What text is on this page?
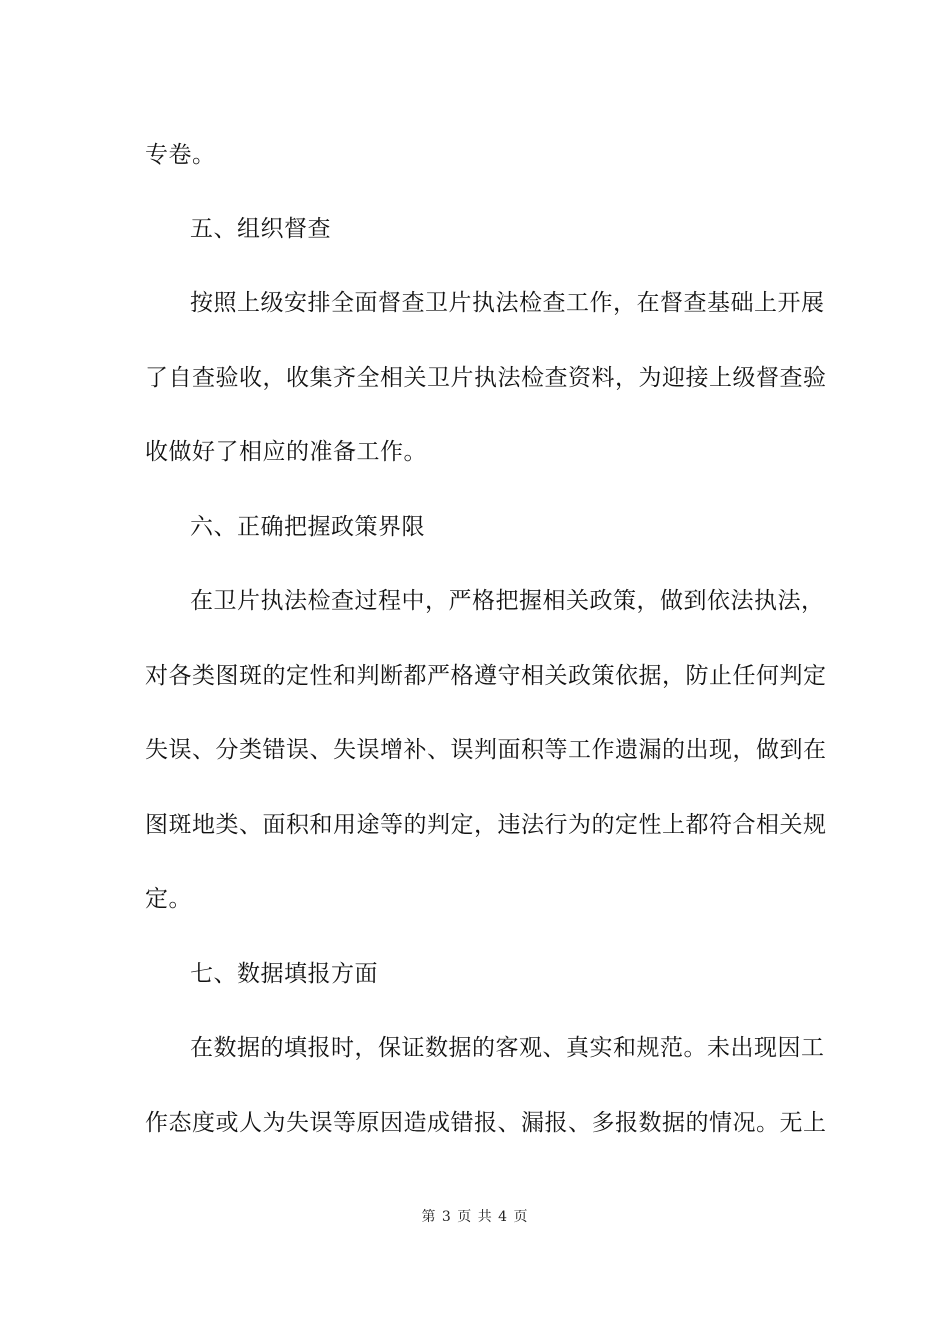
专卷。
五、组织督查
按照上级安排全面督查卫片执法检查工作，在督查基础上开展
了自查验收，收集齐全相关卫片执法检查资料，为迎接上级督查验
收做好了相应的准备工作。
六、正确把握政策界限
在卫片执法检查过程中，严格把握相关政策，做到依法执法，
对各类图斑的定性和判断都严格遵守相关政策依据，防止任何判定
失误、分类错误、失误增补、误判面积等工作遗漏的出现，做到在
图斑地类、面积和用途等的判定，违法行为的定性上都符合相关规
定。
七、数据填报方面
在数据的填报时，保证数据的客观、真实和规范。未出现因工
作态度或人为失误等原因造成错报、漏报、多报数据的情况。无上
第 3 页 共 4 页
